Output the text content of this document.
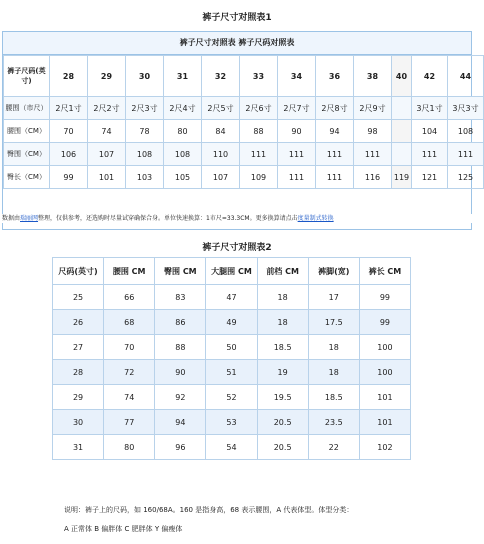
裤子尺寸对照表1
裤子尺寸对照表 裤子尺码对照表
裤子尺码(英寸)	28	29	30	31	32	33	34	36	38	40	42	44
腰围（市尺）	2尺1寸	2尺2寸	2尺3寸	2尺4寸	2尺5寸	2尺6寸	2尺7寸	2尺8寸	2尺9寸		3尺1寸	3尺3寸
腰围（CM）	70	74	78	80	84	88	90	94	98		104	108
臀围（CM）	106	107	108	108	110	111	111	111	111		111	111
臀长（CM）	99	101	103	105	107	109	111	111	116	119	121	125
数据由瑞丽网整理，仅供参考，还选购时尽量试穿确保合身。单位快速换算：1市尺=33.3CM。更多换算请点击度量制式转换
裤子尺寸对照表2
尺码(英寸)	腰围 CM	臀围 CM	大腿围 CM	前档 CM	裤脚(宽)	裤长 CM
25	66	83	47	18	17	99
26	68	86	49	18	17.5	99
27	70	88	50	18.5	18	100
28	72	90	51	19	18	100
29	74	92	52	19.5	18.5	101
30	77	94	53	20.5	23.5	101
31	80	96	54	20.5	22	102
说明：裤子上的尺码，如 160/68A。160 是指身高，68 表示腰围，A 代表体型。体型分类：
A 正常体 B 偏胖体 C 肥胖体 Y 偏瘦体
